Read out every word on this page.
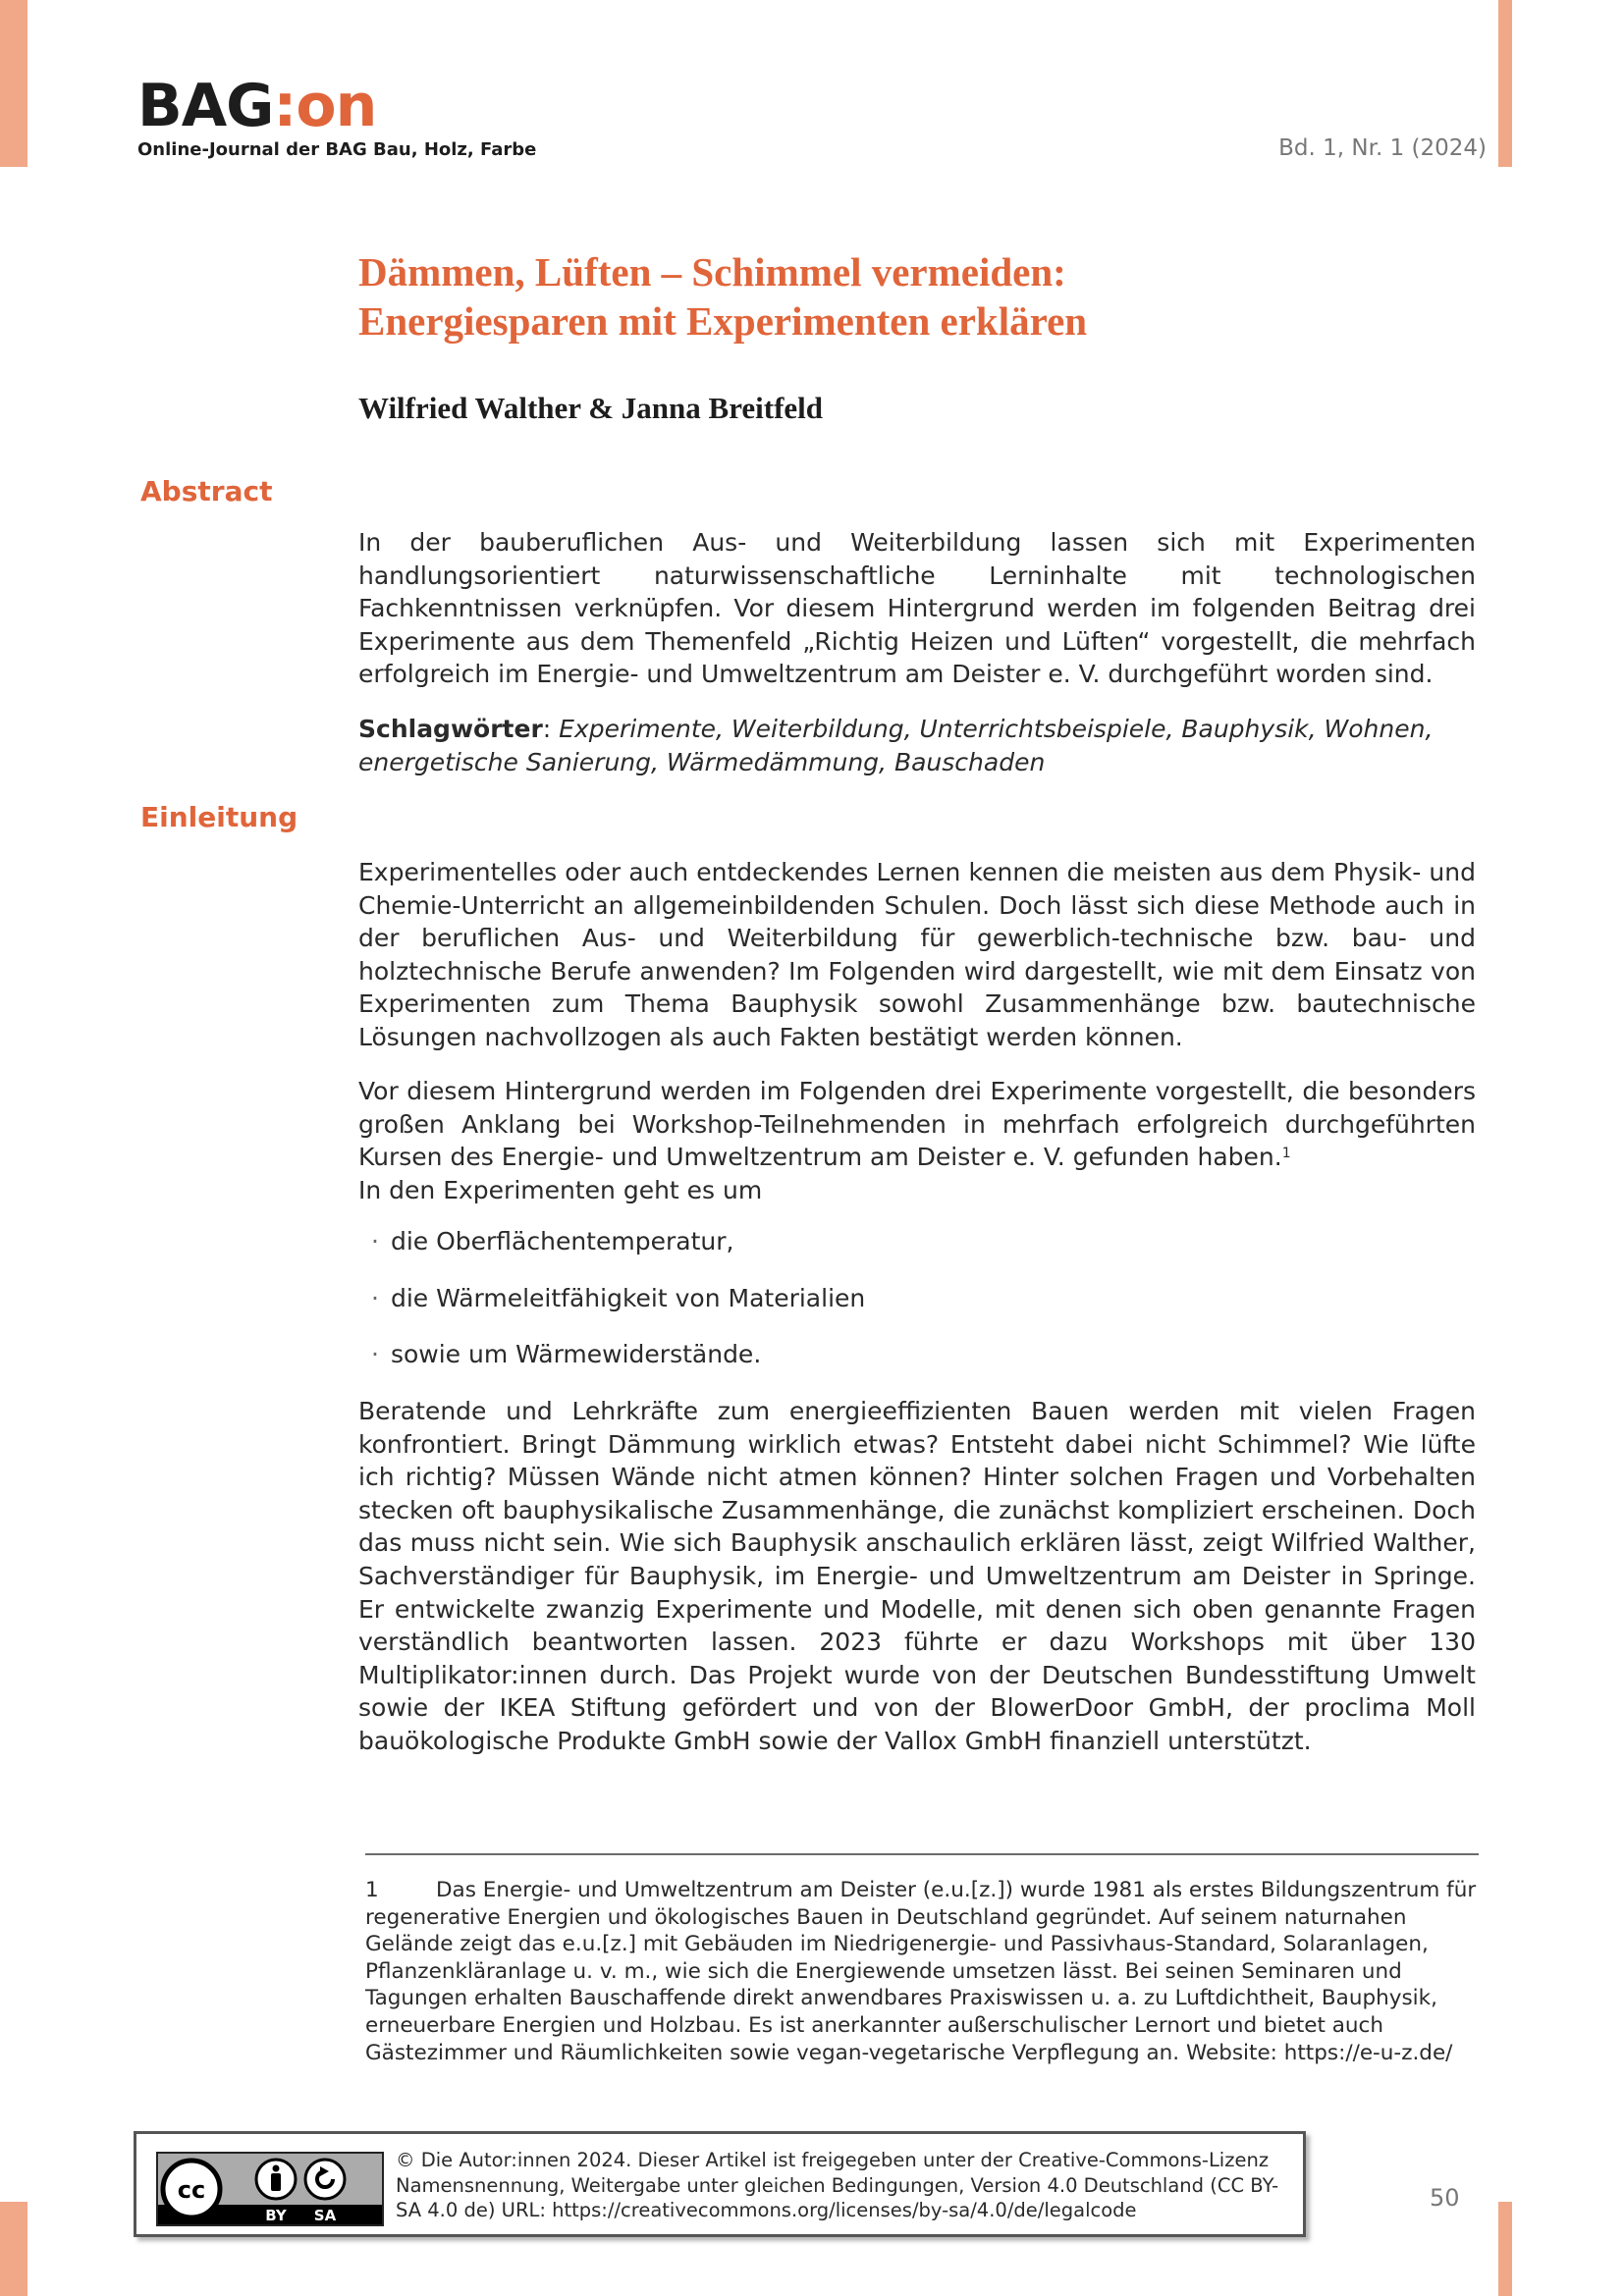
BAG:on
Online-Journal der BAG Bau, Holz, Farbe	Bd. 1, Nr. 1 (2024)
Dämmen, Lüften – Schimmel vermeiden:
Energiesparen mit Experimenten erklären
Wilfried Walther & Janna Breitfeld
Abstract

In der bauberuflichen Aus- und Weiterbildung lassen sich mit Experimenten handlungsorientiert naturwissenschaftliche Lerninhalte mit technologischen Fachkenntnissen verknüpfen. Vor diesem Hintergrund werden im folgenden Beitrag drei Experimente aus dem Themenfeld „Richtig Heizen und Lüften“ vorgestellt, die mehrfach erfolgreich im Energie- und Umweltzentrum am Deister e. V. durchgeführt worden sind.

Schlagwörter: Experimente, Weiterbildung, Unterrichtsbeispiele, Bauphysik, Wohnen, energetische Sanierung, Wärmedämmung, Bauschaden

Einleitung

Experimentelles oder auch entdeckendes Lernen kennen die meisten aus dem Physik- und Chemie-Unterricht an allgemeinbildenden Schulen. Doch lässt sich diese Methode auch in der beruflichen Aus- und Weiterbildung für gewerblich-technische bzw. bau- und holztechnische Berufe anwenden? Im Folgenden wird dargestellt, wie mit dem Einsatz von Experimenten zum Thema Bauphysik sowohl Zusammenhänge bzw. bautechnische Lösungen nachvollzogen als auch Fakten bestätigt werden können.

Vor diesem Hintergrund werden im Folgenden drei Experimente vorgestellt, die besonders großen Anklang bei Workshop-Teilnehmenden in mehrfach erfolgreich durchgeführten Kursen des Energie- und Umweltzentrum am Deister e. V. gefunden haben.$^1$
In den Experimenten geht es um

· die Oberflächentemperatur,
· die Wärmeleitfähigkeit von Materialien
· sowie um Wärmewiderstände.

Beratende und Lehrkräfte zum energieeffizienten Bauen werden mit vielen Fragen konfrontiert. Bringt Dämmung wirklich etwas? Entsteht dabei nicht Schimmel? Wie lüfte ich richtig? Müssen Wände nicht atmen können? Hinter solchen Fragen und Vorbehalten stecken oft bauphysikalische Zusammenhänge, die zunächst kompliziert erscheinen. Doch das muss nicht sein. Wie sich Bauphysik anschaulich erklären lässt, zeigt Wilfried Walther, Sachverständiger für Bauphysik, im Energie- und Umweltzentrum am Deister in Springe. Er entwickelte zwanzig Experimente und Modelle, mit denen sich oben genannte Fragen verständlich beantworten lassen. 2023 führte er dazu Workshops mit über 130 Multiplikator:innen durch. Das Projekt wurde von der Deutschen Bundesstiftung Umwelt sowie der IKEA Stiftung gefördert und von der BlowerDoor GmbH, der proclima Moll bauökologische Produkte GmbH sowie der Vallox GmbH finanziell unterstützt.

1	Das Energie- und Umweltzentrum am Deister (e.u.[z.]) wurde 1981 als erstes Bildungszentrum für regenerative Energien und ökologisches Bauen in Deutschland gegründet. Auf seinem naturnahen Gelände zeigt das e.u.[z.] mit Gebäuden im Niedrigenergie- und Passivhaus-Standard, Solaranlagen, Pflanzenkläranlage u. v. m., wie sich die Energiewende umsetzen lässt. Bei seinen Seminaren und Tagungen erhalten Bauschaffende direkt anwendbares Praxiswissen u. a. zu Luftdichtheit, Bauphysik, erneuerbare Energien und Holzbau. Es ist anerkannter außerschulischer Lernort und bietet auch Gästezimmer und Räumlichkeiten sowie vegan-vegetarische Verpflegung an. Website: https://e-u-z.de/
cc
BY SA
© Die Autor:innen 2024. Dieser Artikel ist freigegeben unter der Creative-Commons-Lizenz Namensnennung, Weitergabe unter gleichen Bedingungen, Version 4.0 Deutschland (CC BY-SA 4.0 de) URL: https://creativecommons.org/licenses/by-sa/4.0/de/legalcode	50
